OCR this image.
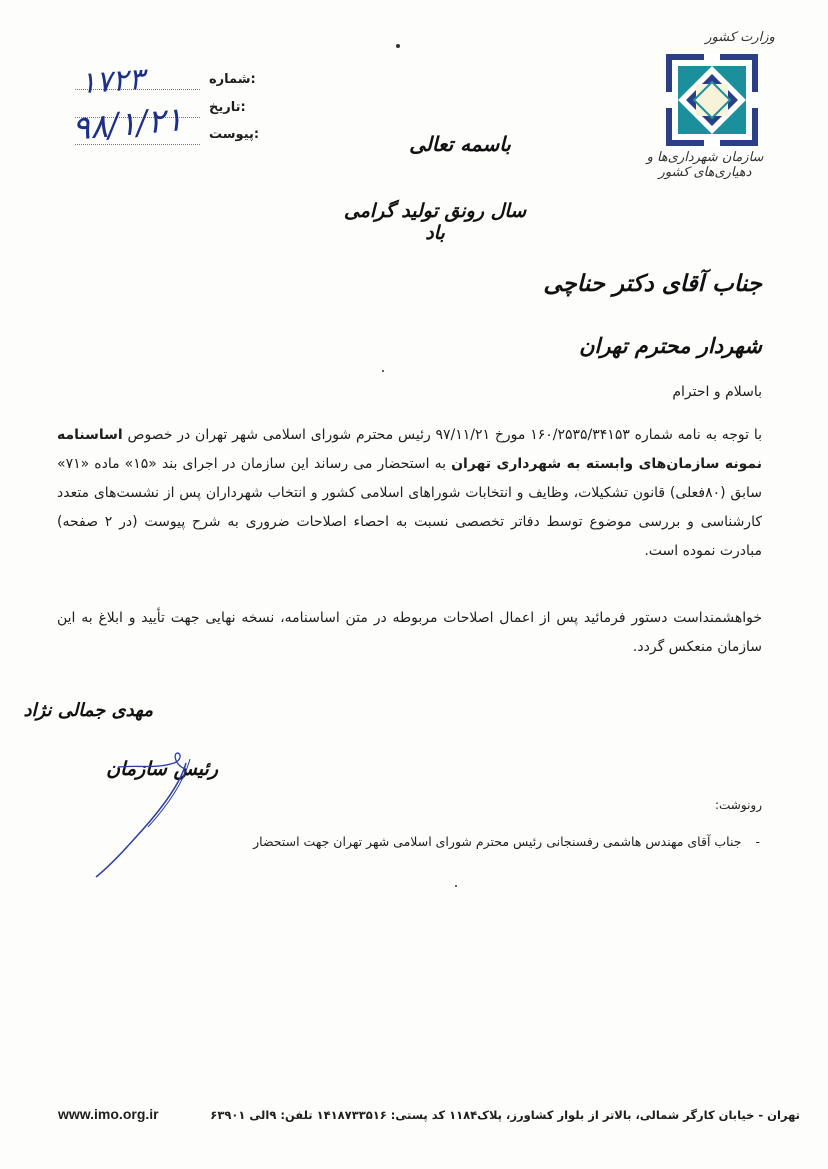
وزارت کشور
سازمان شهرداری‌ها و دهیاری‌های کشور
شماره :
تاریخ :
پیوست :
۱۷۲۳
۹۸/۱/۲۱	باسمه تعالی
سال رونق تولید گرامی باد
جناب آقای دکتر حناچی
شهردار محترم تهران
باسلام و احترام
با توجه به نامه شماره ۱۶۰/۲۵۳۵/۳۴۱۵۳ مورخ ۹۷/۱۱/۲۱ رئیس محترم شورای اسلامی شهر تهران در خصوص اساسنامه نمونه سازمان‌های وابسته به شهرداری تهران به استحضار می رساند این سازمان در اجرای بند «۱۵» ماده «۷۱» سابق (۸۰فعلی) قانون تشکیلات، وظایف و انتخابات شوراهای اسلامی کشور و انتخاب شهرداران پس از نشست‌های متعدد کارشناسی و بررسی موضوع توسط دفاتر تخصصی نسبت به احصاء اصلاحات ضروری به شرح پیوست (در ۲ صفحه) مبادرت نموده است.
خواهشمنداست دستور فرمائید پس از اعمال اصلاحات مربوطه در متن اساسنامه، نسخه نهایی جهت تأیید و ابلاغ به این سازمان منعکس گردد.
مهدی جمالی نژاد
رئیس سازمان
رونوشت:
-جناب آقای مهندس هاشمی رفسنجانی رئیس محترم شورای اسلامی شهر تهران جهت استحضار
www.imo.org.ir	تهران - خیابان کارگر شمالی، بالاتر از بلوار کشاورز، پلاک۱۱۸۴ کد پستی: ۱۴۱۸۷۳۳۵۱۶ تلفن: ۹الی ۶۳۹۰۱
